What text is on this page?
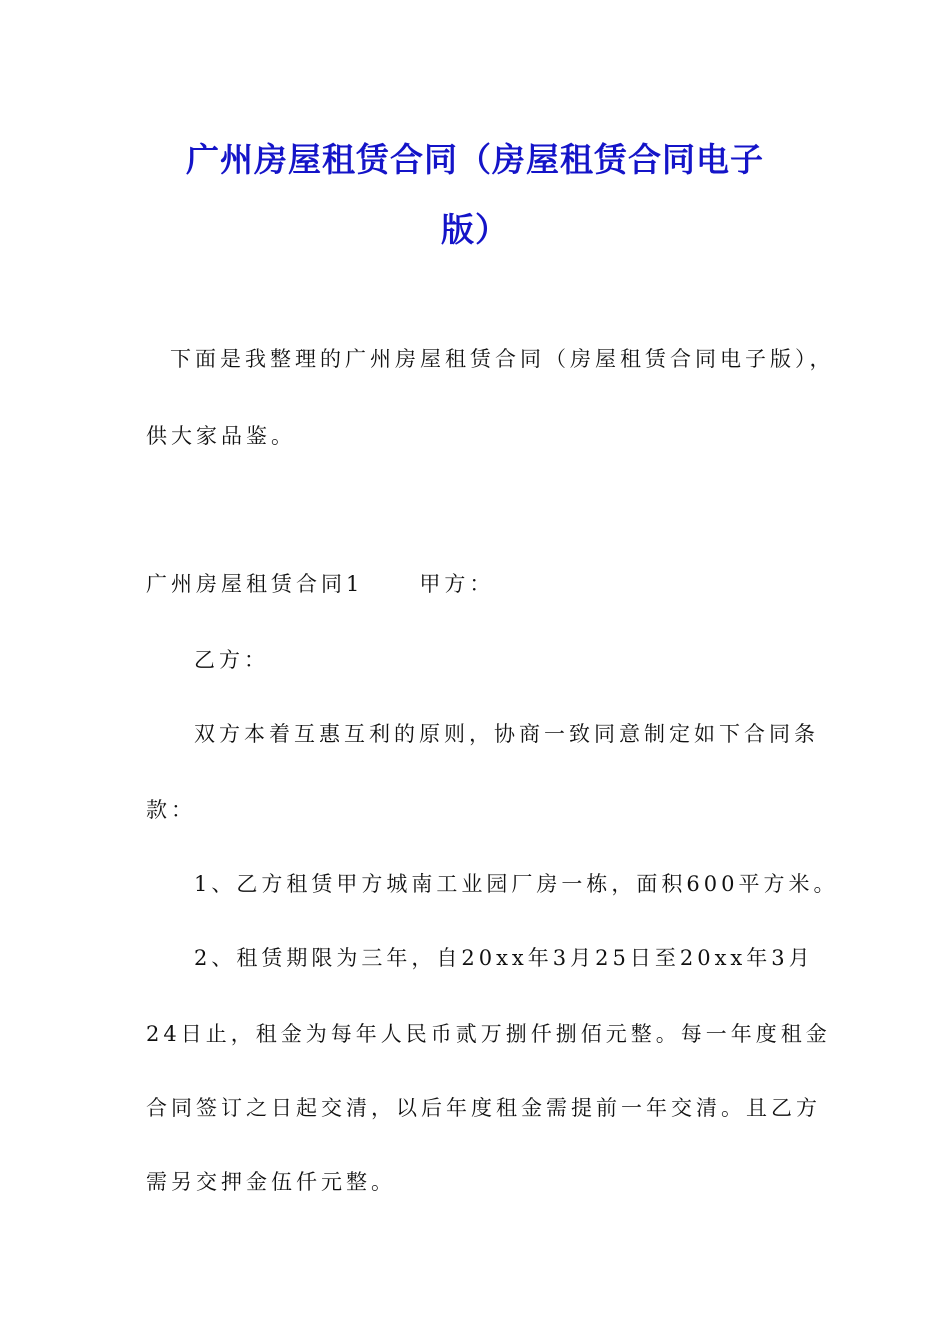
广州房屋租赁合同（房屋租赁合同电子
版）
下面是我整理的广州房屋租赁合同（房屋租赁合同电子版），
供大家品鉴。
广州房屋租赁合同1	甲方：
乙方：
双方本着互惠互利的原则，协商一致同意制定如下合同条
款：
1、乙方租赁甲方城南工业园厂房一栋，面积600平方米。
2、租赁期限为三年，自20xx年3月25日至20xx年3月
24日止，租金为每年人民币贰万捌仟捌佰元整。每一年度租金
合同签订之日起交清，以后年度租金需提前一年交清。且乙方
需另交押金伍仟元整。
